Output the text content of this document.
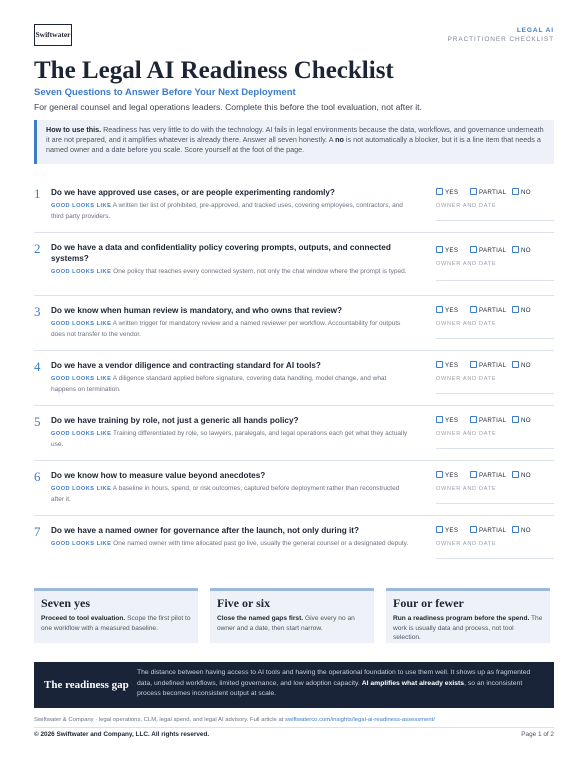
Swiftwater	LEGAL AI
PRACTITIONER CHECKLIST
The Legal AI Readiness Checklist
Seven Questions to Answer Before Your Next Deployment
For general counsel and legal operations leaders. Complete this before the tool evaluation, not after it.
How to use this. Readiness has very little to do with the technology. AI fails in legal environments because the data, workflows, and governance underneath it are not prepared, and it amplifies whatever is already there. Answer all seven honestly. A no is not automatically a blocker, but it is a line item that needs a named owner and a date before you scale. Score yourself at the foot of the page.
1 Do we have approved use cases, or are people experimenting randomly?
GOOD LOOKS LIKE A written tier list of prohibited, pre-approved, and tracked uses, covering employees, contractors, and third party providers.
YES	PARTIAL	NO
OWNER AND DATE
2 Do we have a data and confidentiality policy covering prompts, outputs, and connected systems?
GOOD LOOKS LIKE One policy that reaches every connected system, not only the chat window where the prompt is typed.
YES	PARTIAL	NO
OWNER AND DATE
3 Do we know when human review is mandatory, and who owns that review?
GOOD LOOKS LIKE A written trigger for mandatory review and a named reviewer per workflow. Accountability for outputs does not transfer to the vendor.
YES	PARTIAL	NO
OWNER AND DATE
4 Do we have a vendor diligence and contracting standard for AI tools?
GOOD LOOKS LIKE A diligence standard applied before signature, covering data handling, model change, and what happens on termination.
YES	PARTIAL	NO
OWNER AND DATE
5 Do we have training by role, not just a generic all hands policy?
GOOD LOOKS LIKE Training differentiated by role, so lawyers, paralegals, and legal operations each get what they actually use.
YES	PARTIAL	NO
OWNER AND DATE
6 Do we know how to measure value beyond anecdotes?
GOOD LOOKS LIKE A baseline in hours, spend, or risk outcomes, captured before deployment rather than reconstructed after it.
YES	PARTIAL	NO
OWNER AND DATE
7 Do we have a named owner for governance after the launch, not only during it?
GOOD LOOKS LIKE One named owner with time allocated past go live, usually the general counsel or a designated deputy.
YES	PARTIAL	NO
OWNER AND DATE
Seven yes
Proceed to tool evaluation. Scope the first pilot to one workflow with a measured baseline.
Five or six
Close the named gaps first. Give every no an owner and a date, then start narrow.
Four or fewer
Run a readiness program before the spend. The work is usually data and process, not tool selection.
The readiness gap
The distance between having access to AI tools and having the operational foundation to use them well. It shows up as fragmented data, undefined workflows, limited governance, and low adoption capacity. AI amplifies what already exists, so an inconsistent process becomes inconsistent output at scale.
Swiftwater & Company · legal operations, CLM, legal spend, and legal AI advisory. Full article at swiftwaterco.com/insights/legal-ai-readiness-assessment/
© 2026 Swiftwater and Company, LLC. All rights reserved.	Page 1 of 2
